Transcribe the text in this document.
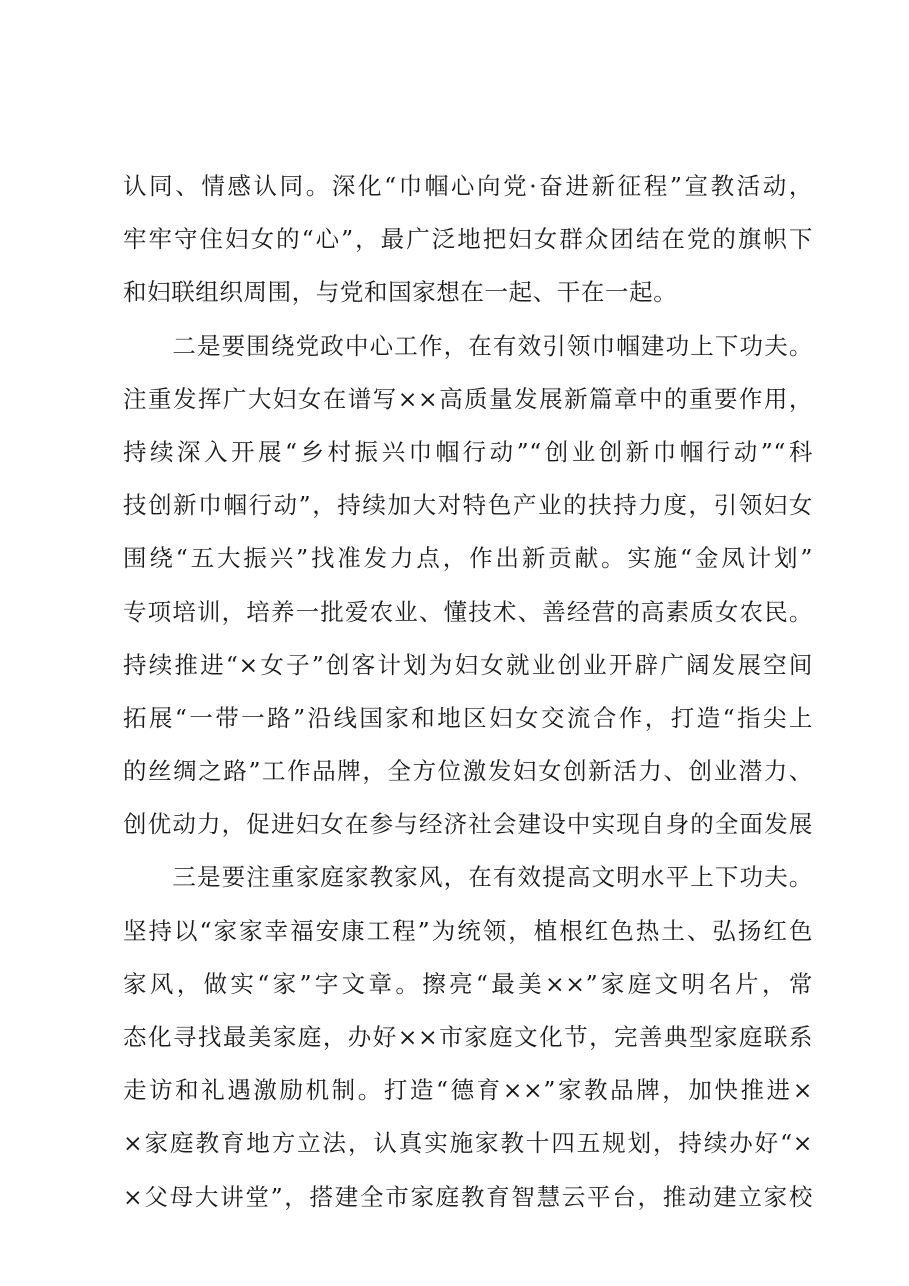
认同、情感认同。深化“巾帼心向党·奋进新征程”宣教活动，
牢牢守住妇女的“心”，最广泛地把妇女群众团结在党的旗帜下
和妇联组织周围，与党和国家想在一起、干在一起。
　　二是要围绕党政中心工作，在有效引领巾帼建功上下功夫。
注重发挥广大妇女在谱写××高质量发展新篇章中的重要作用，
持续深入开展“乡村振兴巾帼行动”“创业创新巾帼行动”“科
技创新巾帼行动”，持续加大对特色产业的扶持力度，引领妇女
围绕“五大振兴”找准发力点，作出新贡献。实施“金凤计划”
专项培训，培养一批爱农业、懂技术、善经营的高素质女农民。
持续推进“×女子”创客计划为妇女就业创业开辟广阔发展空间
拓展“一带一路”沿线国家和地区妇女交流合作，打造“指尖上
的丝绸之路”工作品牌，全方位激发妇女创新活力、创业潜力、
创优动力，促进妇女在参与经济社会建设中实现自身的全面发展
　　三是要注重家庭家教家风，在有效提高文明水平上下功夫。
坚持以“家家幸福安康工程”为统领，植根红色热土、弘扬红色
家风，做实“家”字文章。擦亮“最美××”家庭文明名片，常
态化寻找最美家庭，办好××市家庭文化节，完善典型家庭联系
走访和礼遇激励机制。打造“德育××”家教品牌，加快推进×
×家庭教育地方立法，认真实施家教十四五规划，持续办好“×
×父母大讲堂”，搭建全市家庭教育智慧云平台，推动建立家校
